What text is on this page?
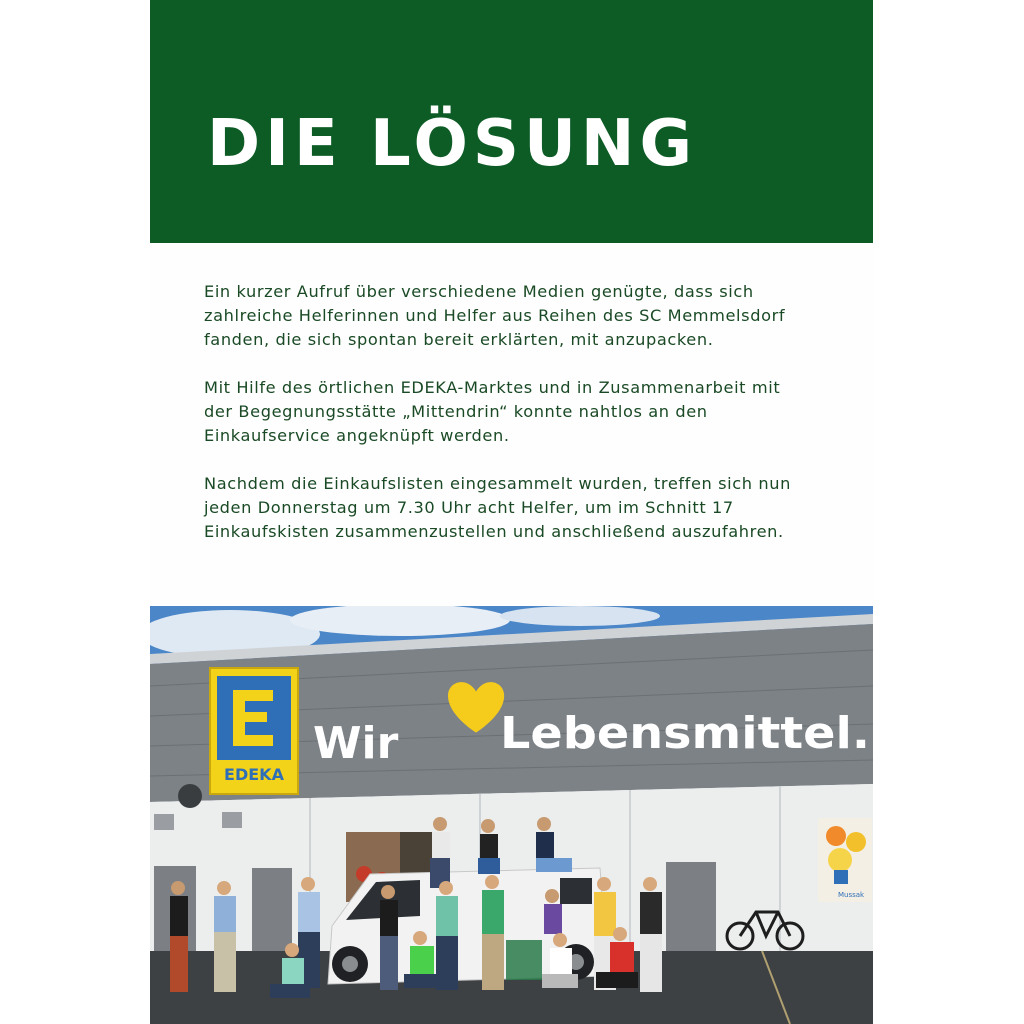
DIE LÖSUNG

Ein kurzer Aufruf über verschiedene Medien genügte, dass sich zahlreiche Helferinnen und Helfer aus Reihen des SC Memmelsdorf fanden, die sich spontan bereit erklärten, mit anzupacken.

Mit Hilfe des örtlichen EDEKA-Marktes und in Zusammenarbeit mit der Begegnungsstätte „Mittendrin“ konnte nahtlos an den Einkaufservice angeknüpft werden.

Nachdem die Einkaufslisten eingesammelt wurden, treffen sich nun jeden Donnerstag um 7.30 Uhr acht Helfer, um im Schnitt 17 Einkaufskisten zusammenzustellen und anschließend auszufahren.

EDEKA
Wir Lebensmittel.
Mussak
